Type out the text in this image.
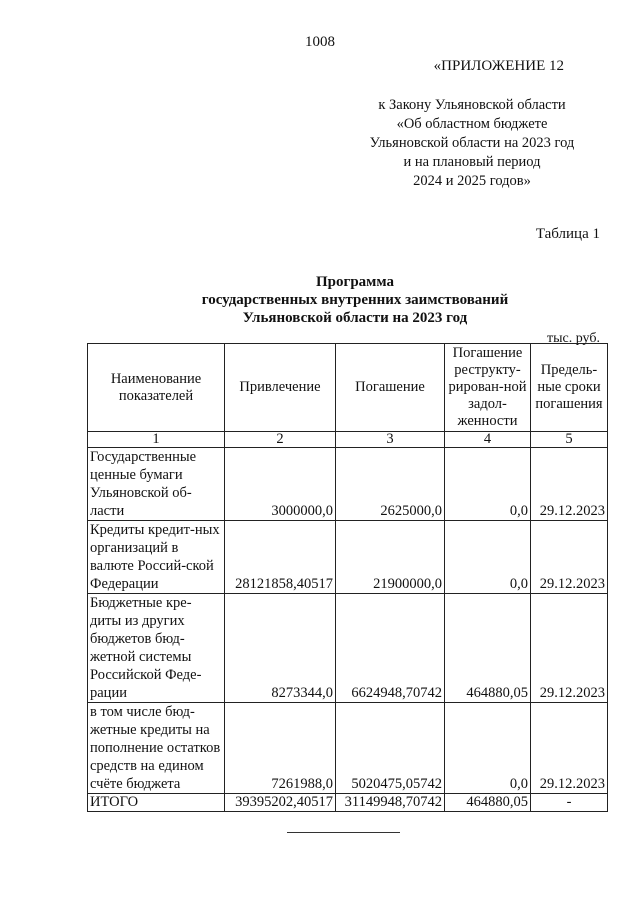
1008
«ПРИЛОЖЕНИЕ 12
к Закону Ульяновской области
«Об областном бюджете
Ульяновской области на 2023 год
и на плановый период
2024 и 2025 годов»
Таблица 1
Программа
государственных внутренних заимствований
Ульяновской области на 2023 год
тыс. руб.
Наименование показателей	Привлечение	Погашение	Погашение реструкту-рирован-ной задол-женности	Предель-ные сроки погашения
1	2	3	4	5
Государственные ценные бумаги Ульяновской об-ласти	3000000,0	2625000,0	0,0	29.12.2023
Кредиты кредит-ных организаций в валюте Россий-ской Федерации	28121858,40517	21900000,0	0,0	29.12.2023
Бюджетные кре-диты из других бюджетов бюд-жетной системы Российской Феде-рации	8273344,0	6624948,70742	464880,05	29.12.2023
в том числе бюд-жетные кредиты на пополнение остатков средств на едином счёте бюджета	7261988,0	5020475,05742	0,0	29.12.2023
ИТОГО	39395202,40517	31149948,70742	464880,05	-
